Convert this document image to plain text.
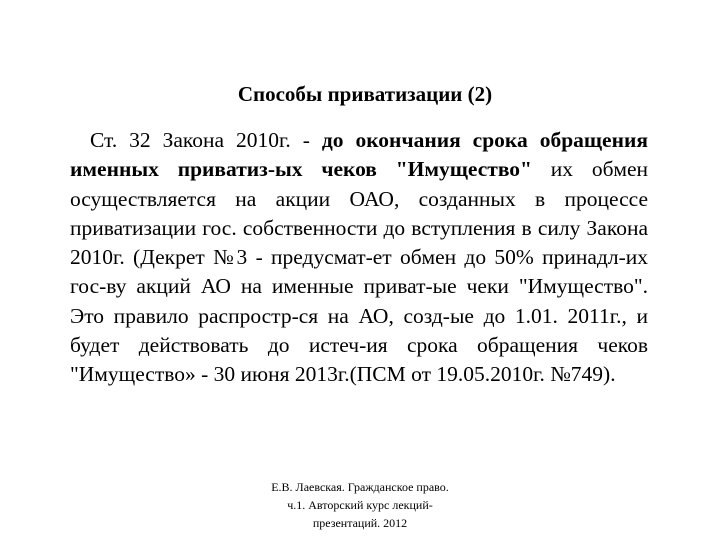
Способы приватизации (2)

Ст. 32 Закона 2010г. - до окончания срока обращения именных приватиз-ых чеков "Имущество" их обмен осуществляется на акции ОАО, созданных в процессе приватизации гос. собственности до вступления в силу Закона 2010г. (Декрет №3 - предусмат-ет обмен до 50% принадл-их гос-ву акций АО на именные приват-ые чеки "Имущество". Это правило распростр-ся на АО, созд-ые до 1.01. 2011г., и будет действовать до истеч-ия срока обращения чеков "Имущество» - 30 июня 2013г.(ПСМ от 19.05.2010г. №749).

Е.В. Лаевская. Гражданское право.
ч.1. Авторский курс лекций-
презентаций. 2012
